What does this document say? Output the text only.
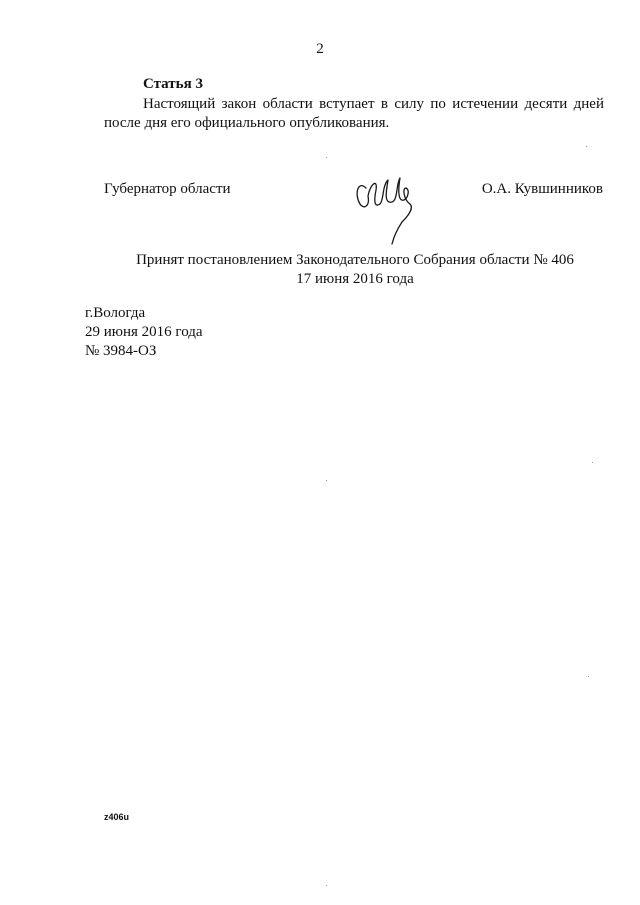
2
Статья 3

Настоящий закон области вступает в силу по истечении десяти дней после дня его официального опубликования.

Губернатор области	О.А. Кувшинников
Принят постановлением Законодательного Собрания области № 406
17 июня 2016 года
г.Вологда
29 июня 2016 года
№ 3984-ОЗ
z406u
